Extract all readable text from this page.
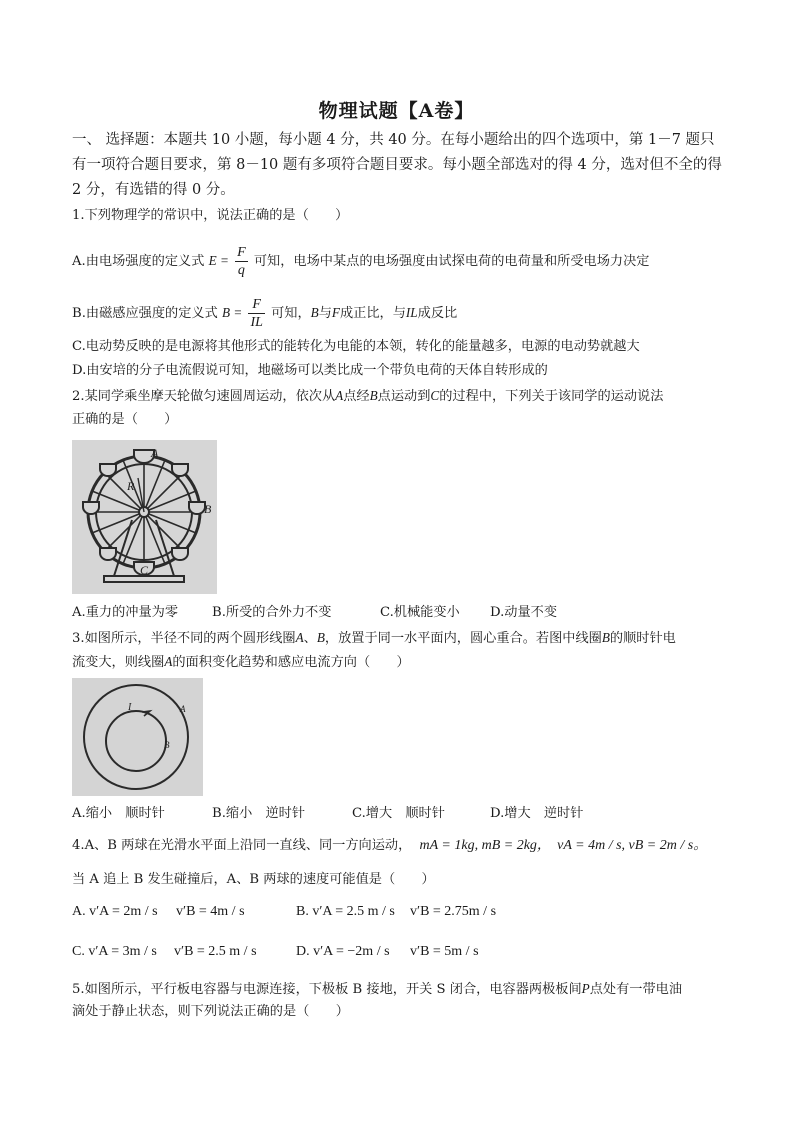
物理试题【A卷】
一、 选择题：本题共 10 小题，每小题 4 分，共 40 分。在每小题给出的四个选项中，第 1－7 题只有一项符合题目要求，第 8－10 题有多项符合题目要求。每小题全部选对的得 4 分，选对但不全的得 2 分，有选错的得 0 分。
1.下列物理学的常识中，说法正确的是（　　）
A.由电场强度的定义式 $E = \frac{F}{q}$ 可知，电场中某点的电场强度由试探电荷的电荷量和所受电场力决定
B.由磁感应强度的定义式 $B = \frac{F}{IL}$ 可知，B与F成正比，与IL成反比
C.电动势反映的是电源将其他形式的能转化为电能的本领，转化的能量越多，电源的电动势就越大
D.由安培的分子电流假说可知，地磁场可以类比成一个带负电荷的天体自转形成的
2.某同学乘坐摩天轮做匀速圆周运动，依次从A点经B点运动到C的过程中，下列关于该同学的运动说法
正确的是（　　）
A
B
C
R
A.重力的冲量为零	B.所受的合外力不变	C.机械能变小 D.动量不变
3.如图所示，半径不同的两个圆形线圈A、B，放置于同一水平面内，圆心重合。若图中线圈B的顺时针电
流变大，则线圈A的面积变化趋势和感应电流方向（　　）
I	A
B
A.缩小　顺时针	B.缩小　逆时针	C.增大　顺时针	D.增大　逆时针
4.A、B 两球在光滑水平面上沿同一直线、同一方向运动， mA = 1kg, mB = 2kg， vA = 4m / s, vB = 2m / s。
当 A 追上 B 发生碰撞后，A、B 两球的速度可能值是（　　）
A. v′A = 2m / s v′B = 4m / s	B. v′A = 2.5 m / s v′B = 2.75m / s
C. v′A = 3m / s v′B = 2.5 m / s	D. v′A = −2m / s v′B = 5m / s
5.如图所示，平行板电容器与电源连接，下极板 B 接地，开关 S 闭合，电容器两极板间P点处有一带电油
滴处于静止状态，则下列说法正确的是（　　）
